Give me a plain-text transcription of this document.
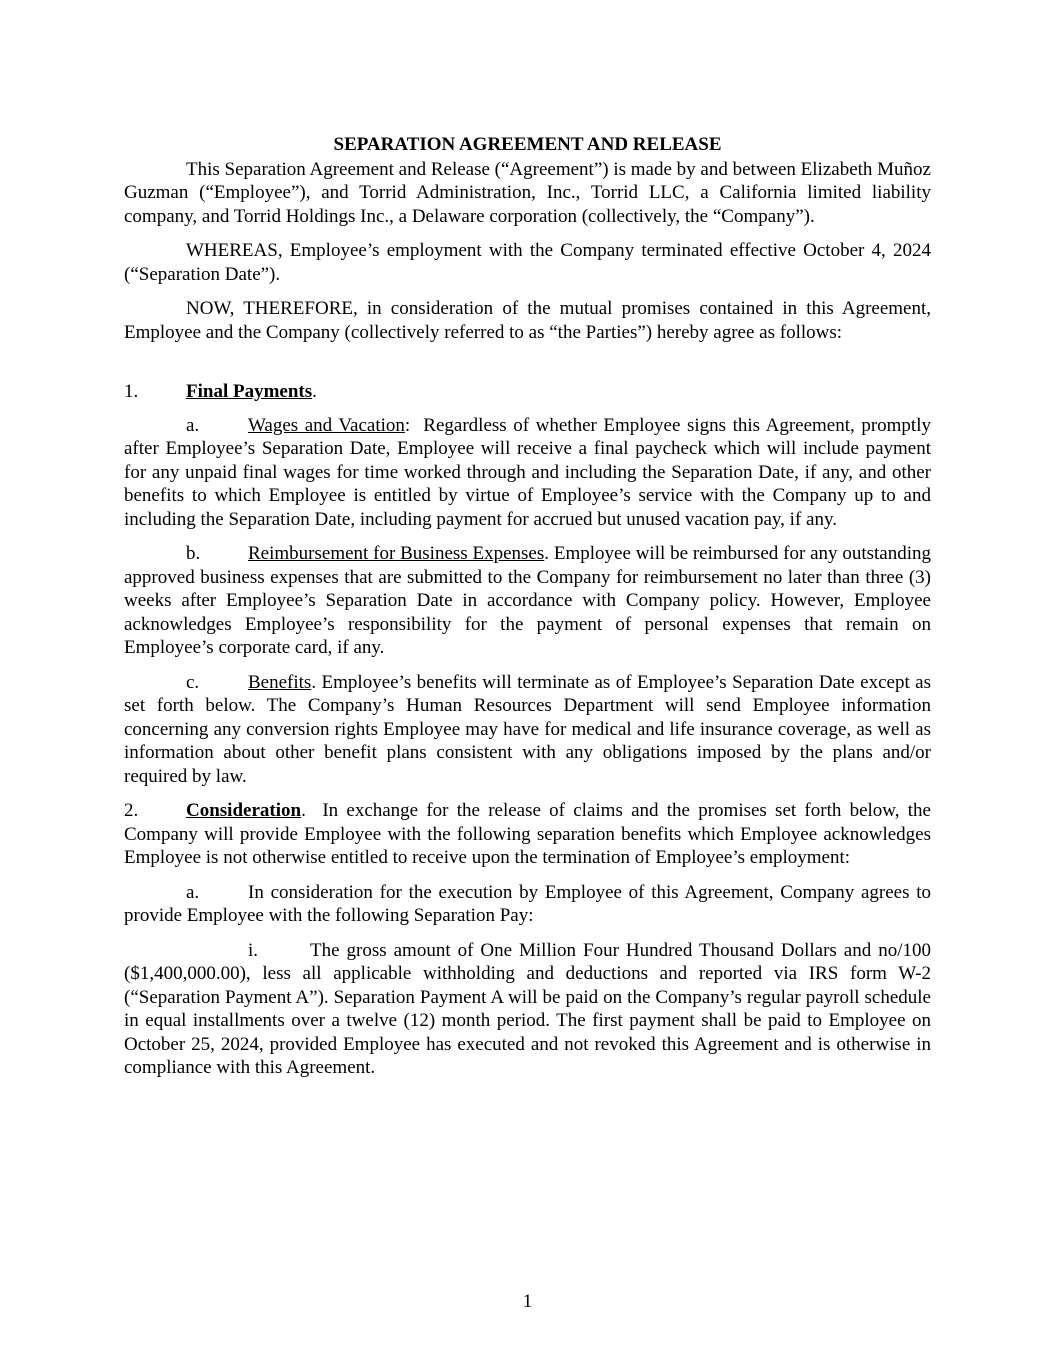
SEPARATION AGREEMENT AND RELEASE

This Separation Agreement and Release (“Agreement”) is made by and between Elizabeth Muñoz Guzman (“Employee”), and Torrid Administration, Inc., Torrid LLC, a California limited liability company, and Torrid Holdings Inc., a Delaware corporation (collectively, the “Company”).

WHEREAS, Employee’s employment with the Company terminated effective October 4, 2024 (“Separation Date”).

NOW, THEREFORE, in consideration of the mutual promises contained in this Agreement, Employee and the Company (collectively referred to as “the Parties”) hereby agree as follows:

1.	Final Payments.

a.	Wages and Vacation:  Regardless of whether Employee signs this Agreement, promptly after Employee’s Separation Date, Employee will receive a final paycheck which will include payment for any unpaid final wages for time worked through and including the Separation Date, if any, and other benefits to which Employee is entitled by virtue of Employee’s service with the Company up to and including the Separation Date, including payment for accrued but unused vacation pay, if any.

b.	Reimbursement for Business Expenses. Employee will be reimbursed for any outstanding approved business expenses that are submitted to the Company for reimbursement no later than three (3) weeks after Employee’s Separation Date in accordance with Company policy. However, Employee acknowledges Employee’s responsibility for the payment of personal expenses that remain on Employee’s corporate card, if any.

c.	Benefits. Employee’s benefits will terminate as of Employee’s Separation Date except as set forth below. The Company’s Human Resources Department will send Employee information concerning any conversion rights Employee may have for medical and life insurance coverage, as well as information about other benefit plans consistent with any obligations imposed by the plans and/or required by law.

2.	Consideration.  In exchange for the release of claims and the promises set forth below, the Company will provide Employee with the following separation benefits which Employee acknowledges Employee is not otherwise entitled to receive upon the termination of Employee’s employment:

a.	In consideration for the execution by Employee of this Agreement, Company agrees to provide Employee with the following Separation Pay:

i.	The gross amount of One Million Four Hundred Thousand Dollars and no/100 ($1,400,000.00), less all applicable withholding and deductions and reported via IRS form W-2 (“Separation Payment A”). Separation Payment A will be paid on the Company’s regular payroll schedule in equal installments over a twelve (12) month period. The first payment shall be paid to Employee on October 25, 2024, provided Employee has executed and not revoked this Agreement and is otherwise in compliance with this Agreement.

1
